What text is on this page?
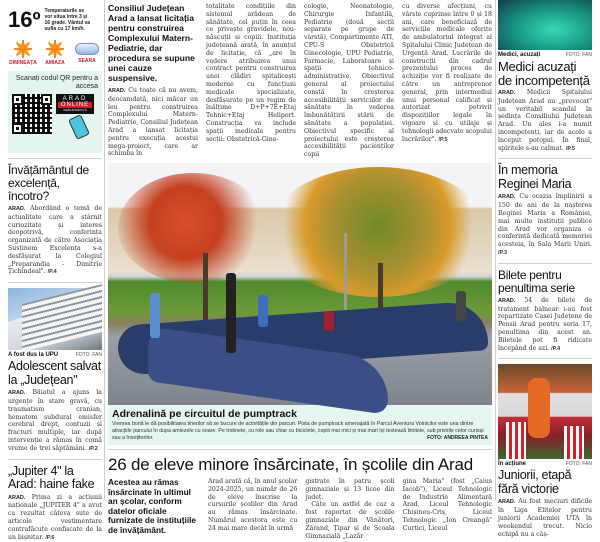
16º Temperaturile se vor situa între 3 și 16 grade. Vântul va sufla cu 17 km/h.
DIMINEAȚA	AMIAZA	SEARA
Scanați codul QR pentru a accesa
ARAD
ONLINE
www.aradon.ro
Învățământul de excelență, încotro?

ARAD. Abordând o temă de actualitate care a stârnit curiozitate și interes deopotrivă, conferința organizată de către Asociația Susținem Excelența s-a desfășurat la Colegiul „Preparandia - Dimitrie Țichindeal". /P.4

A fost dus la UPU	FOTO: FAN
Adolescent salvat la „Județean"

ARAD. Băiatul a ajuns la urgențe în stare gravă, cu traumatism cranian, hematom subdural emisfer cerebral drept, contuzii și fracturi multiple, iar după intervenție a rămas în comă vreme de trei săptămâni. /P.2

„Jupiter 4" la Arad: haine fake

ARAD. Prima zi a acțiunii naționale „JUPITER 4" a avut ca rezultat câteva sute de articole vestimentare contrafăcute confiscate de la un bișnițar. /P.6

Consiliul Județean Arad a lansat licitația pentru construirea Complexului Matern-Pediatrie, dar procedura se supune unei cauze suspensive.

ARAD. Cu toate că nu avem, deocamdată, nici măcar un leu pentru construirea Complexului Matern-Pediatrie, Consiliul Județean Arad a lansat licitația pentru execuția acestui mega-proiect, care ar schimba în

totalitate condițiile din sistemul arădean de sănătate, cel puțin în ceea ce privește gravidele, nou-născuții și copiii. Instituția județeană arată, în anunțul de licitație, că „are în vedere atribuirea unui contract pentru construirea unei clădiri spitalicești moderne cu funcțiuni medicale specializate, desfășurate pe un regim de înălțime D+P+7E+Etaj Tehnic+Etaj Heliport. Construcția va include spații medicale pentru secții: Obstetrică-Gine-

cologie, Neonatologie, Chirurgie Infantilă, Pediatrie (două secții separate pe grupe de vârstă), Compartimente ATI, CPU-S Obstetrică Ginecologie, UPU Pediatrie, Farmacie, Laboratoare și spații tehnico-administrative. Obiectivul general al proiectului constă în creșterea accesibilității serviciilor de sănătate în vederea îmbunătățirii stării de sănătate a populației. Obiectivul specific al proiectului este creșterea accesibilității pacienților copii

cu diverse afecțiuni, cu vârste cuprinse între 0 și 18 ani, care beneficiază de serviciile medicale oferite de ambulatoriul integrat al Spitalului Clinic Județean de Urgență Arad. Lucrările de construcții din cadrul prezentului proces de achiziție vor fi realizate de către un antreprenor general, prin intermediul unui personal calificat și autorizat potrivit dispozițiilor legale în vigoare și cu utilaje și tehnologii adecvate scopului lucrărilor". /P.5

Adrenalină pe circuitul de pumptrack
Vremea bună le dă posibilitatea tinerilor să se bucure de activitățile din parcuri. Pista de pumptrack amenajată în Parcul Aventura Voinicilor este una dintre atracțiile parcului în dupa amiezele cu soare. Pe trotinete, cu role sau chiar cu biciclete, copiii mai mici și mai mari își testează limitele, sub privirile celor curioși sau a însoțitorilor.	FOTO: ANDREEA PINTEA
26 de eleve minore însărcinate, în școlile din Arad
Acestea au rămas însărcinate în ultimul an școlar, conform datelor oficiale furnizate de instituțiile de învățământ.

Arad arată că, în anul școlar 2024-2025, un număr de 26 de eleve înscrise la cursurile școlilor din Arad au rămas însărcinate. Numărul acestora este cu 24 mai mare decât în urmă

gistrate în patru școli gimnaziale și 13 licee din județ.

Câte un astfel de caz a fost raportat de școlile gimnaziale din Vânători, Zărand, Țipar și de Școala Gimnazială „Lazăr

gina Maria" (fost „Caius Iacob"), Liceul Tehnologic de Industrie Alimentară Arad, Liceul Tehnologic Chișineu-Criș, Liceul Tehnologic „Ion Creangă" Curtici, Liceul

Medici, acuzați	FOTO: FAN
Medici acuzați de incompetență

ARAD. Medicii Spitalului Județean Arad au „provocat" un veritabil scandal în ședința Consiliului Județean Arad. Un ales i-a numit incompetenți, iar de acolo a început potopul. În final, spiritele s-au calmat. /P.5

În memoria Reginei Maria

ARAD. Cu ocazia împlinirii a 150 de ani de la nașterea Reginei Maria a României, mai multe instituții publice din Arad vor organiza o conferință dedicată memoriei acesteia, în Sala Marii Uniri. /P.3

Bilete pentru penultima serie

ARAD. 54 de bilete de tratament balnear i-au fost repartizate Casei Județene de Pensii Arad pentru seria 17, penultima din acest an. Biletele pot fi ridicate începând de azi. /P.4

În acțiune	FOTO: FAN
Juniorii, etapă fără victorie

ARAD. Au fost meciuri dificile în Liga Elitelor pentru juniorii Academiei UTA în weekendul trecut. Nicio echipă nu a câș-
